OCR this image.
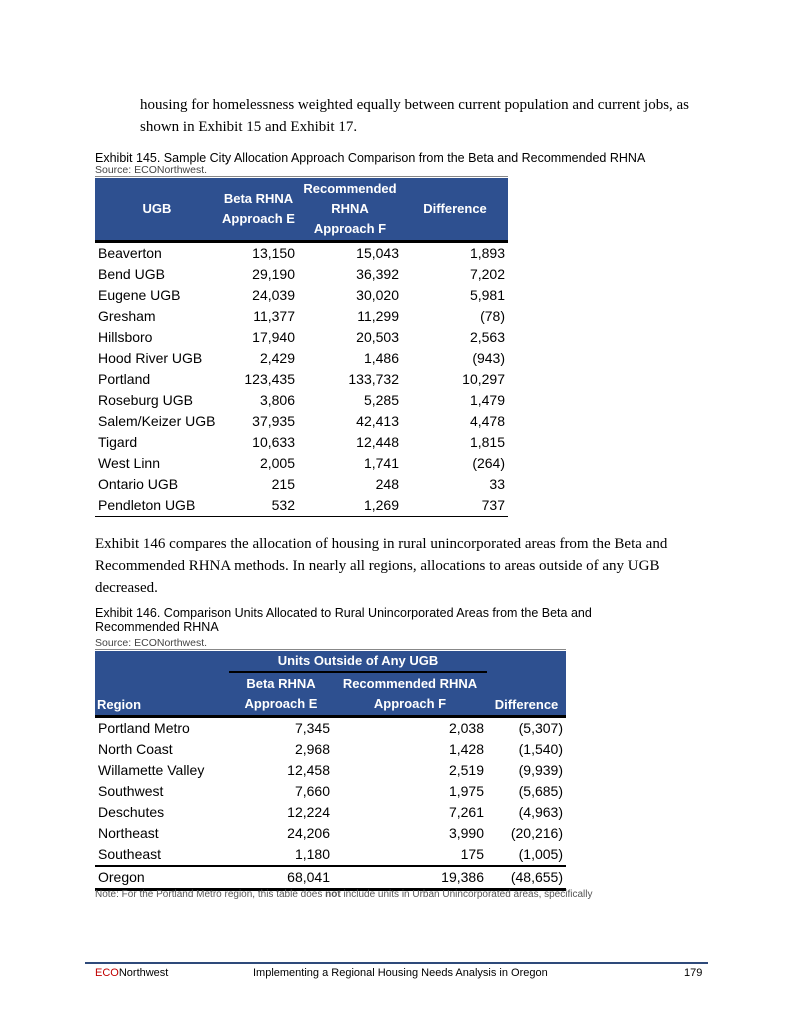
housing for homelessness weighted equally between current population and current jobs, as shown in Exhibit 15 and Exhibit 17.
Exhibit 145. Sample City Allocation Approach Comparison from the Beta and Recommended RHNA
Source: ECONorthwest.
UGB	Beta RHNA Approach E	Recommended RHNA Approach F	Difference
Beaverton	13,150	15,043	1,893
Bend UGB	29,190	36,392	7,202
Eugene UGB	24,039	30,020	5,981
Gresham	11,377	11,299	(78)
Hillsboro	17,940	20,503	2,563
Hood River UGB	2,429	1,486	(943)
Portland	123,435	133,732	10,297
Roseburg UGB	3,806	5,285	1,479
Salem/Keizer UGB	37,935	42,413	4,478
Tigard	10,633	12,448	1,815
West Linn	2,005	1,741	(264)
Ontario UGB	215	248	33
Pendleton UGB	532	1,269	737
Exhibit 146 compares the allocation of housing in rural unincorporated areas from the Beta and Recommended RHNA methods. In nearly all regions, allocations to areas outside of any UGB decreased.
Exhibit 146. Comparison Units Allocated to Rural Unincorporated Areas from the Beta and Recommended RHNA
Source: ECONorthwest.
	Units Outside of Any UGB		
Region	Beta RHNA Approach E	Recommended RHNA Approach F	Difference
Portland Metro	7,345	2,038	(5,307)
North Coast	2,968	1,428	(1,540)
Willamette Valley	12,458	2,519	(9,939)
Southwest	7,660	1,975	(5,685)
Deschutes	12,224	7,261	(4,963)
Northeast	24,206	3,990	(20,216)
Southeast	1,180	175	(1,005)
Oregon	68,041	19,386	(48,655)
Note: For the Portland Metro region, this table does not include units in Urban Unincorporated areas, specifically
ECONorthwest	Implementing a Regional Housing Needs Analysis in Oregon	179
